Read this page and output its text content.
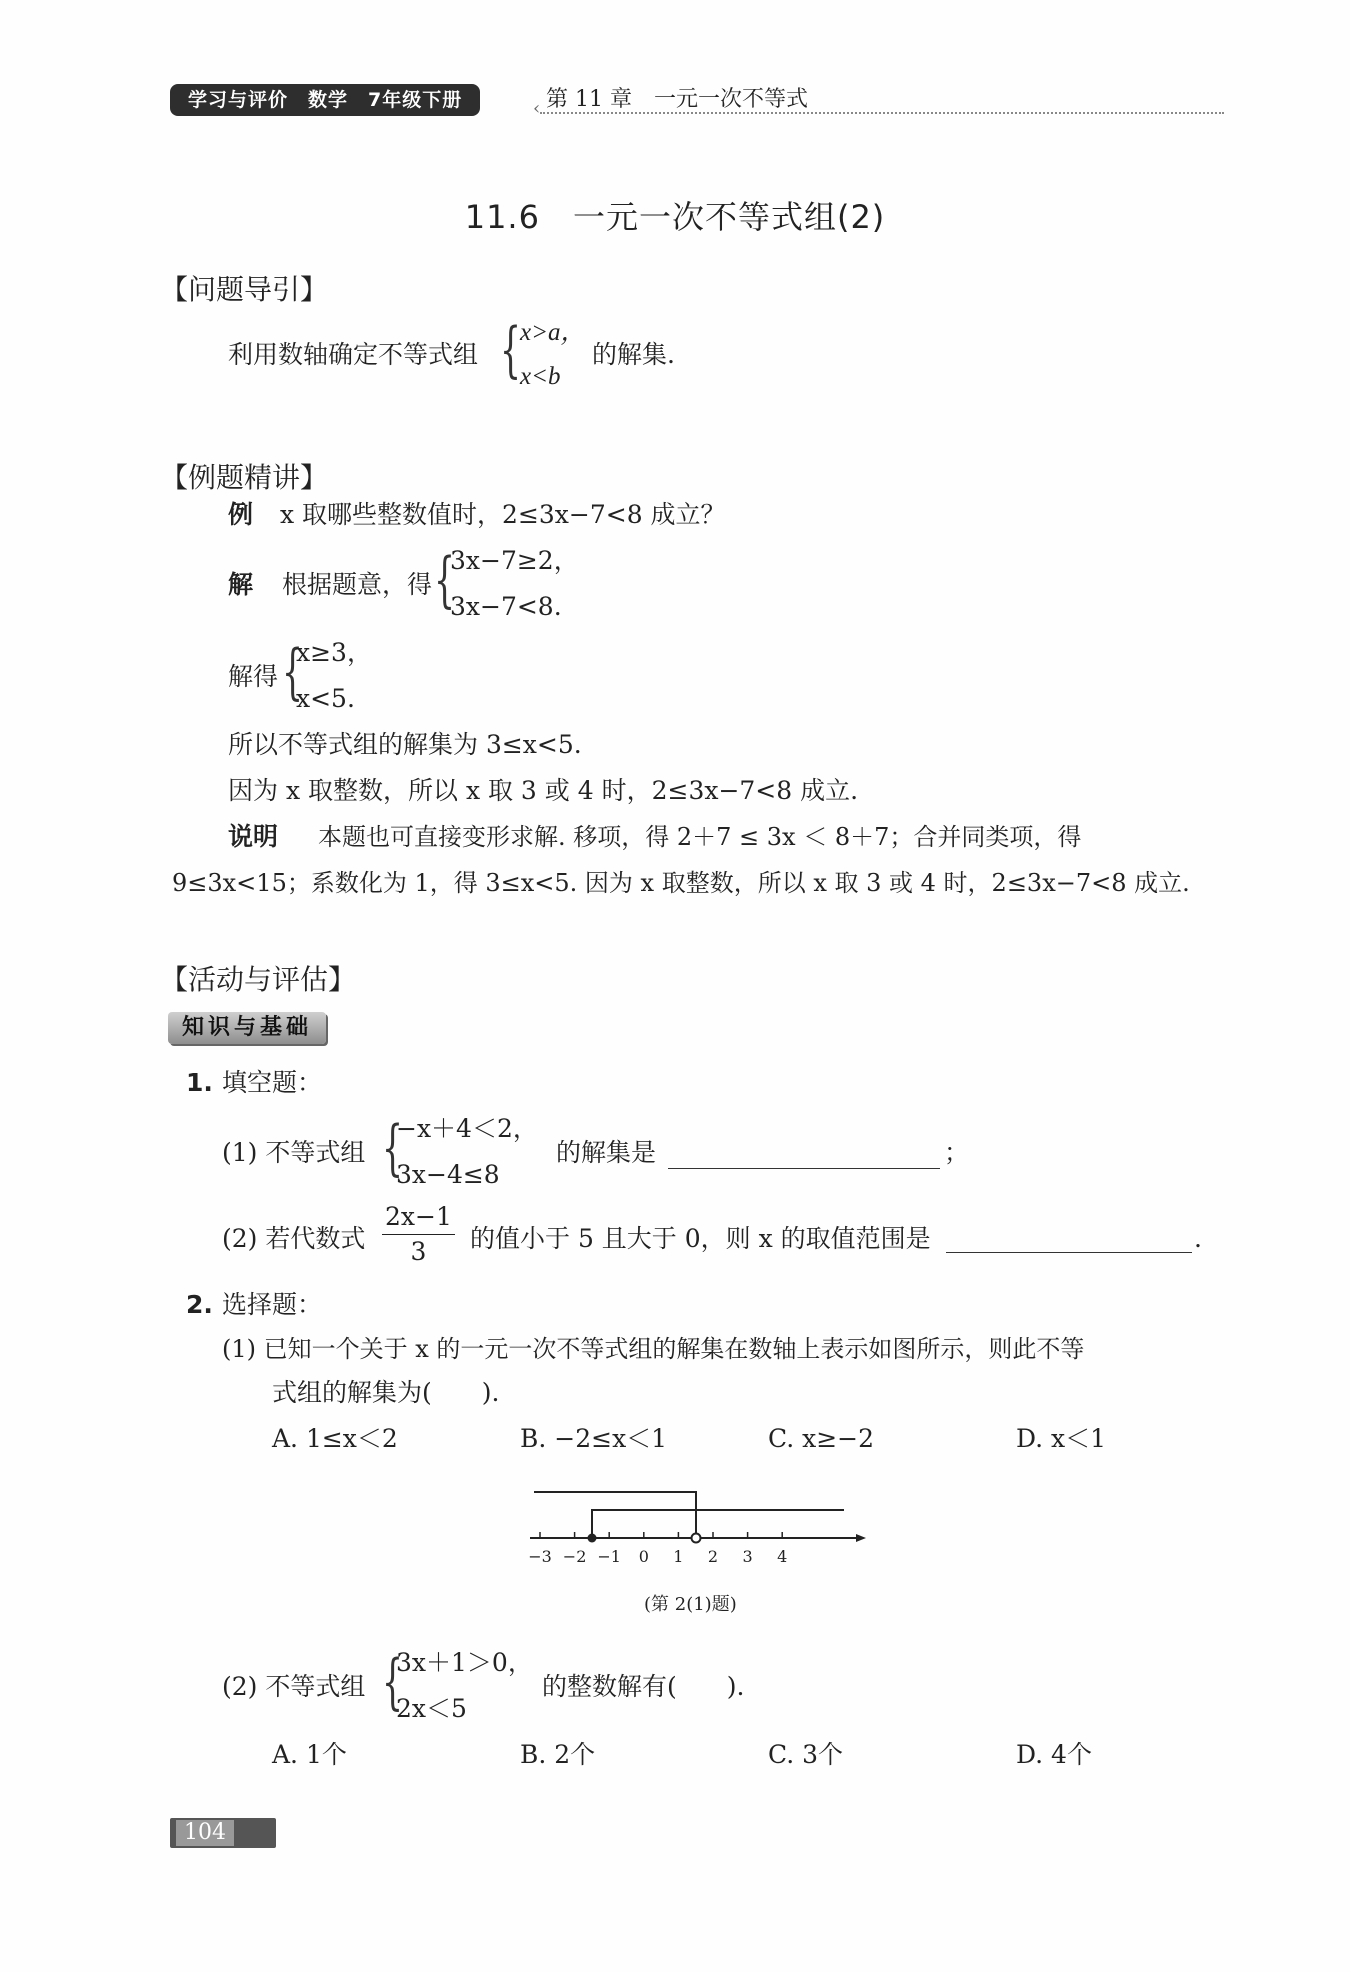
学习与评价　数学　7年级下册	‹ 第 11 章　一元一次不等式
11.6　一元一次不等式组(2)
【问题导引】
利用数轴确定不等式组 {
x>a，
x<b
的解集.
【例题精讲】
例 x 取哪些整数值时，2≤3x−7<8 成立？
解 根据题意，得 {
3x−7≥2，
3x−7<8.
解得 {
x≥3，
x<5.
所以不等式组的解集为 3≤x<5.
因为 x 取整数，所以 x 取 3 或 4 时，2≤3x−7<8 成立.
说明 本题也可直接变形求解. 移项，得 2＋7 ≤ 3x ＜ 8＋7；合并同类项，得
9≤3x<15；系数化为 1，得 3≤x<5. 因为 x 取整数，所以 x 取 3 或 4 时，2≤3x−7<8 成立.
【活动与评估】
知识与基础
1. 填空题：
(1) 不等式组 {
−x＋4＜2，
3x−4≤8
的解集是	；
(2) 若代数式 $\frac{2x-1}{3}$ 的值小于 5 且大于 0，则 x 的取值范围是	.
2. 选择题：
(1) 已知一个关于 x 的一元一次不等式组的解集在数轴上表示如图所示，则此不等
式组的解集为(　　).
A. 1≤x＜2	B. −2≤x＜1	C. x≥−2	D. x＜1
−3 −2 −1 0 1 2 3 4
(第 2(1)题)
(2) 不等式组 {
3x＋1＞0，
2x＜5
的整数解有(　　).
A. 1个	B. 2个	C. 3个	D. 4个
104
